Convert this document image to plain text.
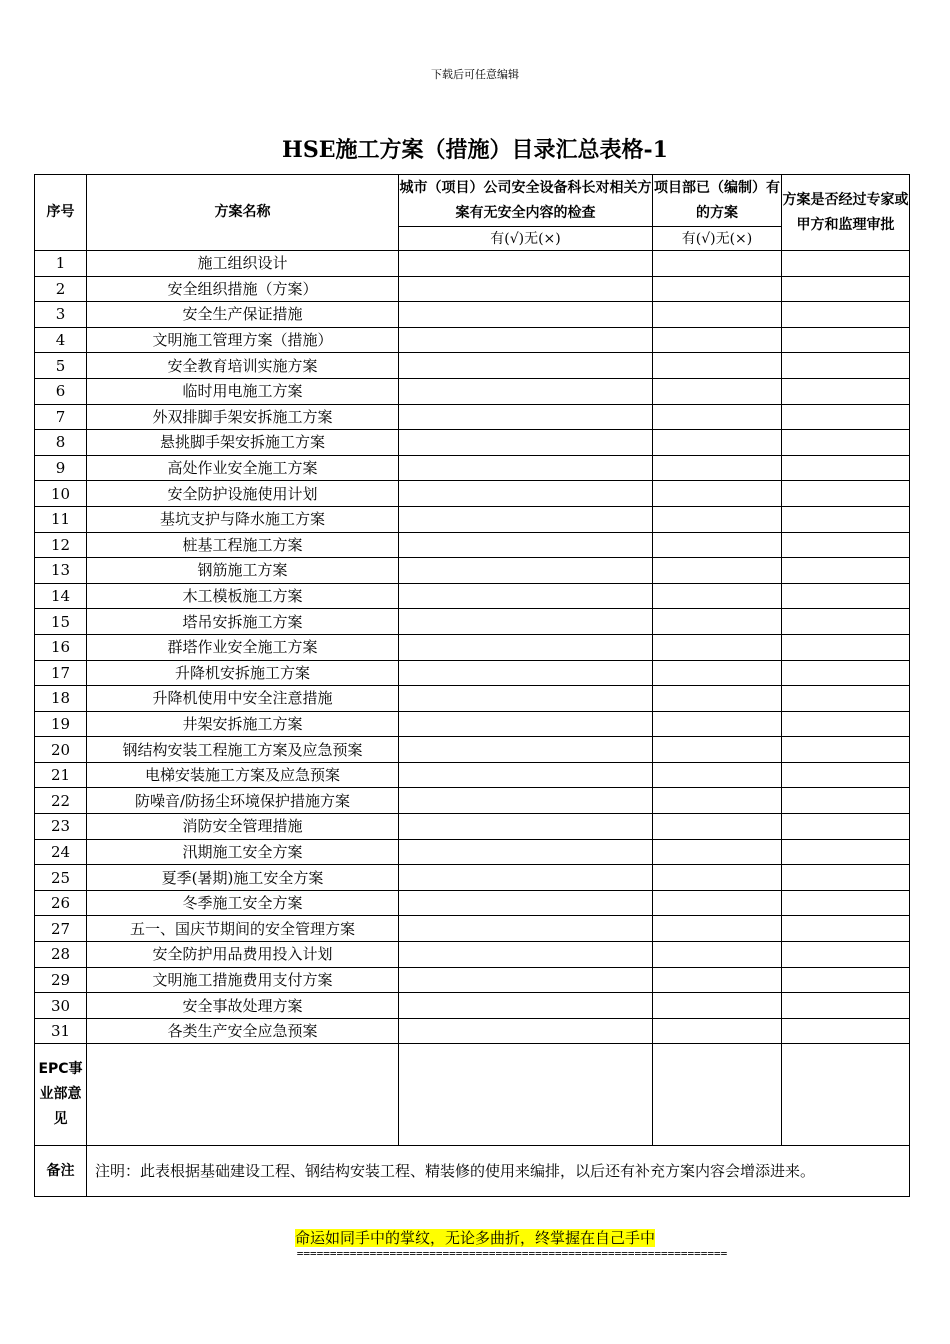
下载后可任意编辑
HSE施工方案（措施）目录汇总表格-1
序号	方案名称	城市（项目）公司安全设备科长对相关方案有无安全内容的检查	项目部已（编制）有的方案	方案是否经过专家或甲方和监理审批
		有(√)无(×)	有(√)无(×)	
1	施工组织设计			
2	安全组织措施（方案）			
3	安全生产保证措施			
4	文明施工管理方案（措施）			
5	安全教育培训实施方案			
6	临时用电施工方案			
7	外双排脚手架安拆施工方案			
8	悬挑脚手架安拆施工方案			
9	高处作业安全施工方案			
10	安全防护设施使用计划			
11	基坑支护与降水施工方案			
12	桩基工程施工方案			
13	钢筋施工方案			
14	木工模板施工方案			
15	塔吊安拆施工方案			
16	群塔作业安全施工方案			
17	升降机安拆施工方案			
18	升降机使用中安全注意措施			
19	井架安拆施工方案			
20	钢结构安装工程施工方案及应急预案			
21	电梯安装施工方案及应急预案			
22	防噪音/防扬尘环境保护措施方案			
23	消防安全管理措施			
24	汛期施工安全方案			
25	夏季(暑期)施工安全方案			
26	冬季施工安全方案			
27	五一、国庆节期间的安全管理方案			
28	安全防护用品费用投入计划			
29	文明施工措施费用支付方案			
30	安全事故处理方案			
31	各类生产安全应急预案			
EPC事业部意见				
备注	注明：此表根据基础建设工程、钢结构安装工程、精装修的使用来编排，以后还有补充方案内容会增添进来。			
命运如同手中的掌纹，无论多曲折，终掌握在自己手中
=================================================================
